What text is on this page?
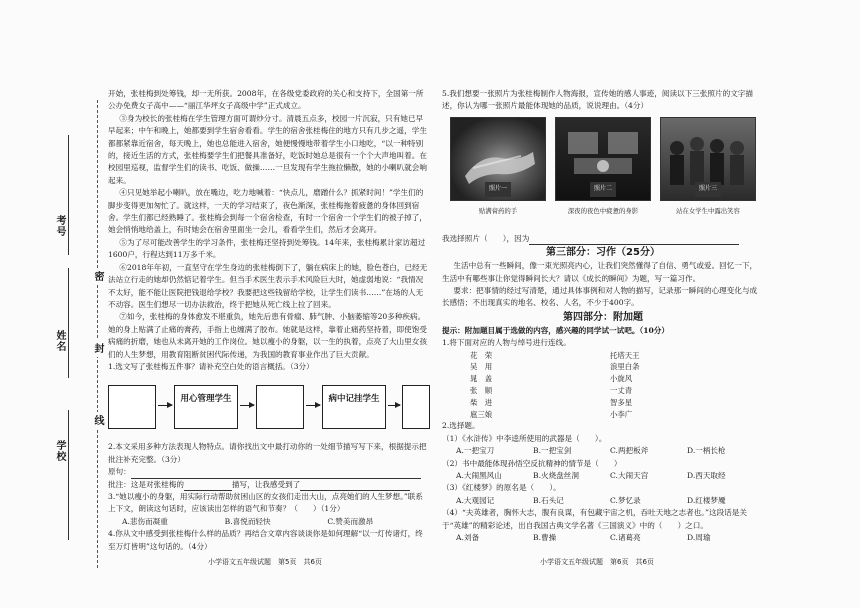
考号
姓名
学校
密
封
线

开始，张桂梅到处筹钱，却一无所获。2008年，在各级党委政府的关心和支持下，全国第一所公办免费女子高中——“丽江华坪女子高级中学”正式成立。

③身为校长的张桂梅在学生管理方面可谓炒分寸。清晨五点多，校园一片沉寂，只有她已早早起来；中午和晚上，她都要到学生宿舍看看。学生的宿舍张桂梅住的地方只有几步之遥，学生都都紧靠近宿舍，每天晚上，她也总能进入宿舍，她便慢慢地带着学生小口地吃，“以一种特别的，接近生活的方式，张桂梅要学生们把餐具准备好，吃饭时她总是很有一个个大声地叫着。在校园里巡视，监督学生们的读书、吃饭、做操……一旦发现有学生拖拉懒散，她的小喇叭就会响起来。

④只见她举起小喇叭，放在嘴边，吃力地喊着：“快点儿，磨蹭什么？抓紧时间！”学生们的脚步变得更加匆忙了。就这样，一天的学习结束了，夜色渐深，张桂梅拖着疲惫的身体回到宿舍。学生们都已经熟睡了。张桂梅会到每一个宿舍检查，有时一个宿舍一个学生们的被子掉了，她会悄悄地给盖上，有时她会在宿舍里面坐一会儿，看看学生们，然后才会离开。

⑤为了尽可能改善学生的学习条件，张桂梅还坚持到处筹钱。14年来，张桂梅累计家访超过1600户，行程达到11万多千米。

⑥2018年年初，一直坚守在学生身边的张桂梅倒下了，躺在病床上的她，脸色苍白，已经无法站立行走的她却仍然惦记着学生。但当手术医生表示手术风险巨大时，她虚弱地说：“我情况不太好，能不能让医院把钱退给学校？我要把这些钱留给学校，让学生们读书……”在场的人无不动容。医生们想尽一切办法救治，终于把她从死亡线上拉了回来。

⑦如今，张桂梅的身体愈发不堪重负，她先后患有骨瘤、肺气肿、小脑萎缩等20多种疾病。她的身上贴满了止痛的膏药，手指上也缠满了胶布。她就是这样，靠着止痛药坚持着，即使饱受病痛的折磨，她也从未离开她的工作岗位。她以瘦小的身躯，以一生的执着，点亮了大山里女孩们的人生梦想，用教育阻断贫困代际传递，为我国的教育事业作出了巨大贡献。

1.选文写了张桂梅五件事？请补充空白处的语言概括。（3分）

用心管理学生	病中记挂学生

2.本文采用多种方法表现人物特点。请你找出文中最打动你的一处细节描写写下来，根据提示把批注补充完整。（3分）

原句：
批注：这是对张桂梅的	描写，让我感受到了

3.“她以瘦小的身躯，用实际行动帮助贫困山区的女孩们走出大山，点亮她们的人生梦想。”联系上下文，朗读这句话时，应该读出怎样的语气和节奏？（　　）（1分）

A.悲伤而凝重	B.喜悦而轻快	C.赞美而激昂

4.你从文中感受到张桂梅什么样的品质？再结合文章内容谈谈你是如何理解“以一灯传诸灯，终至万灯皆明”这句话的。（4分）

小学语文五年级试题　第5页　共6页

5.我们想要一张照片为张桂梅制作人物海报，宣传她的感人事迹，阅读以下三张照片的文字描述，你认为哪一张照片最能体现她的品质，说说理由。（4分）

照片一	照片二	照片三
贴满膏药的手	深夜的夜色中疲惫的身影	站在女学生中露出笑容
我选择照片（　　），因为
第三部分：习作（25分）

生活中总有一些瞬间，像一束光照亮内心，让我们突然懂得了自信、勇气或爱。回忆一下，生活中有哪些事让你觉得瞬间长大？请以《成长的瞬间》为题，写一篇习作。

要求：把事情的经过写清楚，通过具体事例和对人物的描写，记录那一瞬间的心理变化与成长感悟；不出现真实的地名、校名、人名，不少于400字。

第四部分：附加题

提示：附加题目属于选做的内容，感兴趣的同学试一试吧。（10分）

1.将下面对应的人物与绰号进行连线。

花　荣	托塔天王
吴　用	浪里白条
晁　盖	小旋风
张　顺	一丈青
柴　进	智多星
扈三娘	小李广

2.选择题。

（1）《水浒传》中李逵所使用的武器是（　　）。

A.一把宝刀	B.一把宝剑	C.两把板斧	D.一柄长枪

（2）书中最能体现孙悟空反抗精神的情节是（　　）

A.大闹黑风山	B.火烧盘丝洞	C.大闹天宫	D.西天取经

（3）《红楼梦》的原名是（　　）。

A.大观园记	B.石头记	C.梦忆录	D.红楼梦魇

（4）“夫英雄者，胸怀大志，腹有良谋，有包藏宇宙之机，吞吐天地之志者也。”这段话是关于“英雄”的精彩论述，出自我国古典文学名著《三国演义》中的（　　）之口。

A.刘备	B.曹操	C.诸葛亮	D.周瑜
小学语文五年级试题　第6页　共6页
